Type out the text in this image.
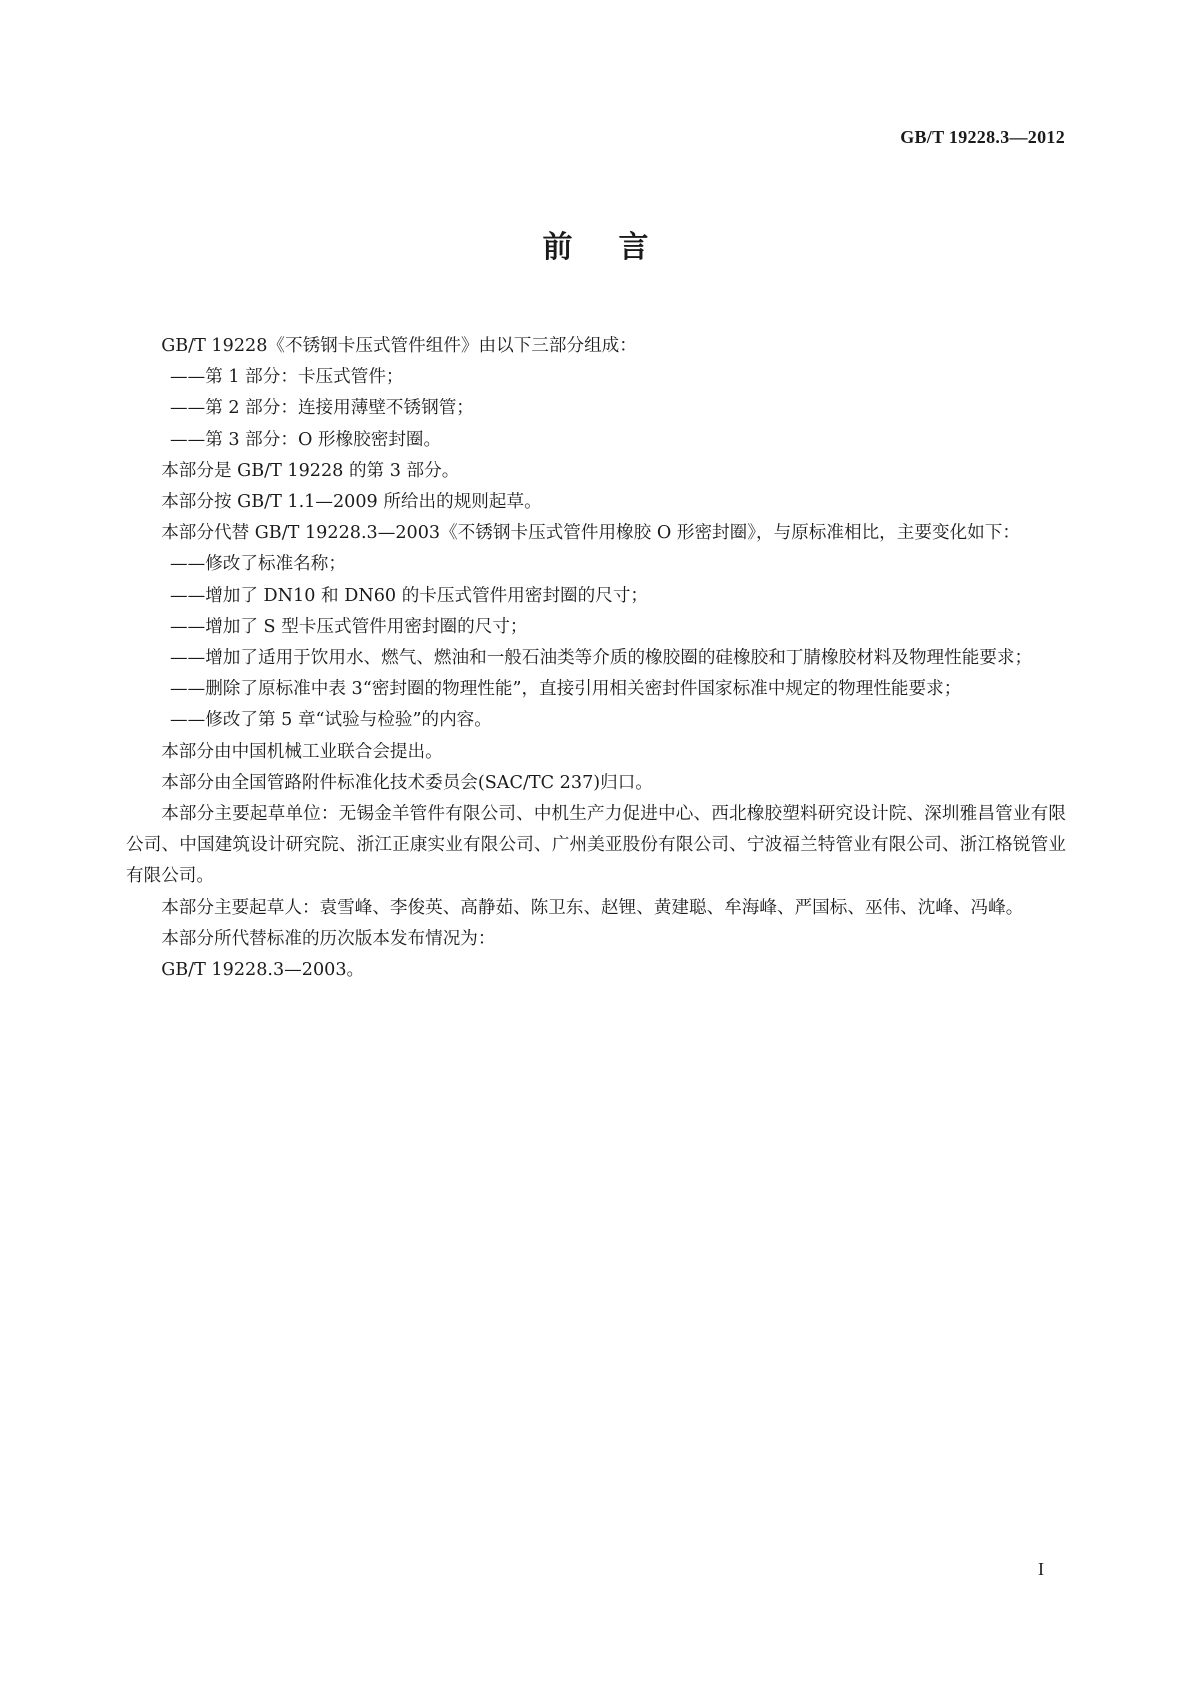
GB/T 19228.3—2012
前言

GB/T 19228《不锈钢卡压式管件组件》由以下三部分组成：

——第 1 部分：卡压式管件；

——第 2 部分：连接用薄壁不锈钢管；

——第 3 部分：O 形橡胶密封圈。

本部分是 GB/T 19228 的第 3 部分。

本部分按 GB/T 1.1—2009 所给出的规则起草。

本部分代替 GB/T 19228.3—2003《不锈钢卡压式管件用橡胶 O 形密封圈》，与原标准相比，主要变化如下：

——修改了标准名称；

——增加了 DN10 和 DN60 的卡压式管件用密封圈的尺寸；

——增加了 S 型卡压式管件用密封圈的尺寸；

——增加了适用于饮用水、燃气、燃油和一般石油类等介质的橡胶圈的硅橡胶和丁腈橡胶材料及物理性能要求；

——删除了原标准中表 3“密封圈的物理性能”，直接引用相关密封件国家标准中规定的物理性能要求；

——修改了第 5 章“试验与检验”的内容。

本部分由中国机械工业联合会提出。

本部分由全国管路附件标准化技术委员会(SAC/TC 237)归口。

本部分主要起草单位：无锡金羊管件有限公司、中机生产力促进中心、西北橡胶塑料研究设计院、深圳雅昌管业有限公司、中国建筑设计研究院、浙江正康实业有限公司、广州美亚股份有限公司、宁波福兰特管业有限公司、浙江格锐管业有限公司。

本部分主要起草人：袁雪峰、李俊英、高静茹、陈卫东、赵锂、黄建聪、牟海峰、严国标、巫伟、沈峰、冯峰。

本部分所代替标准的历次版本发布情况为：

GB/T 19228.3—2003。

I
